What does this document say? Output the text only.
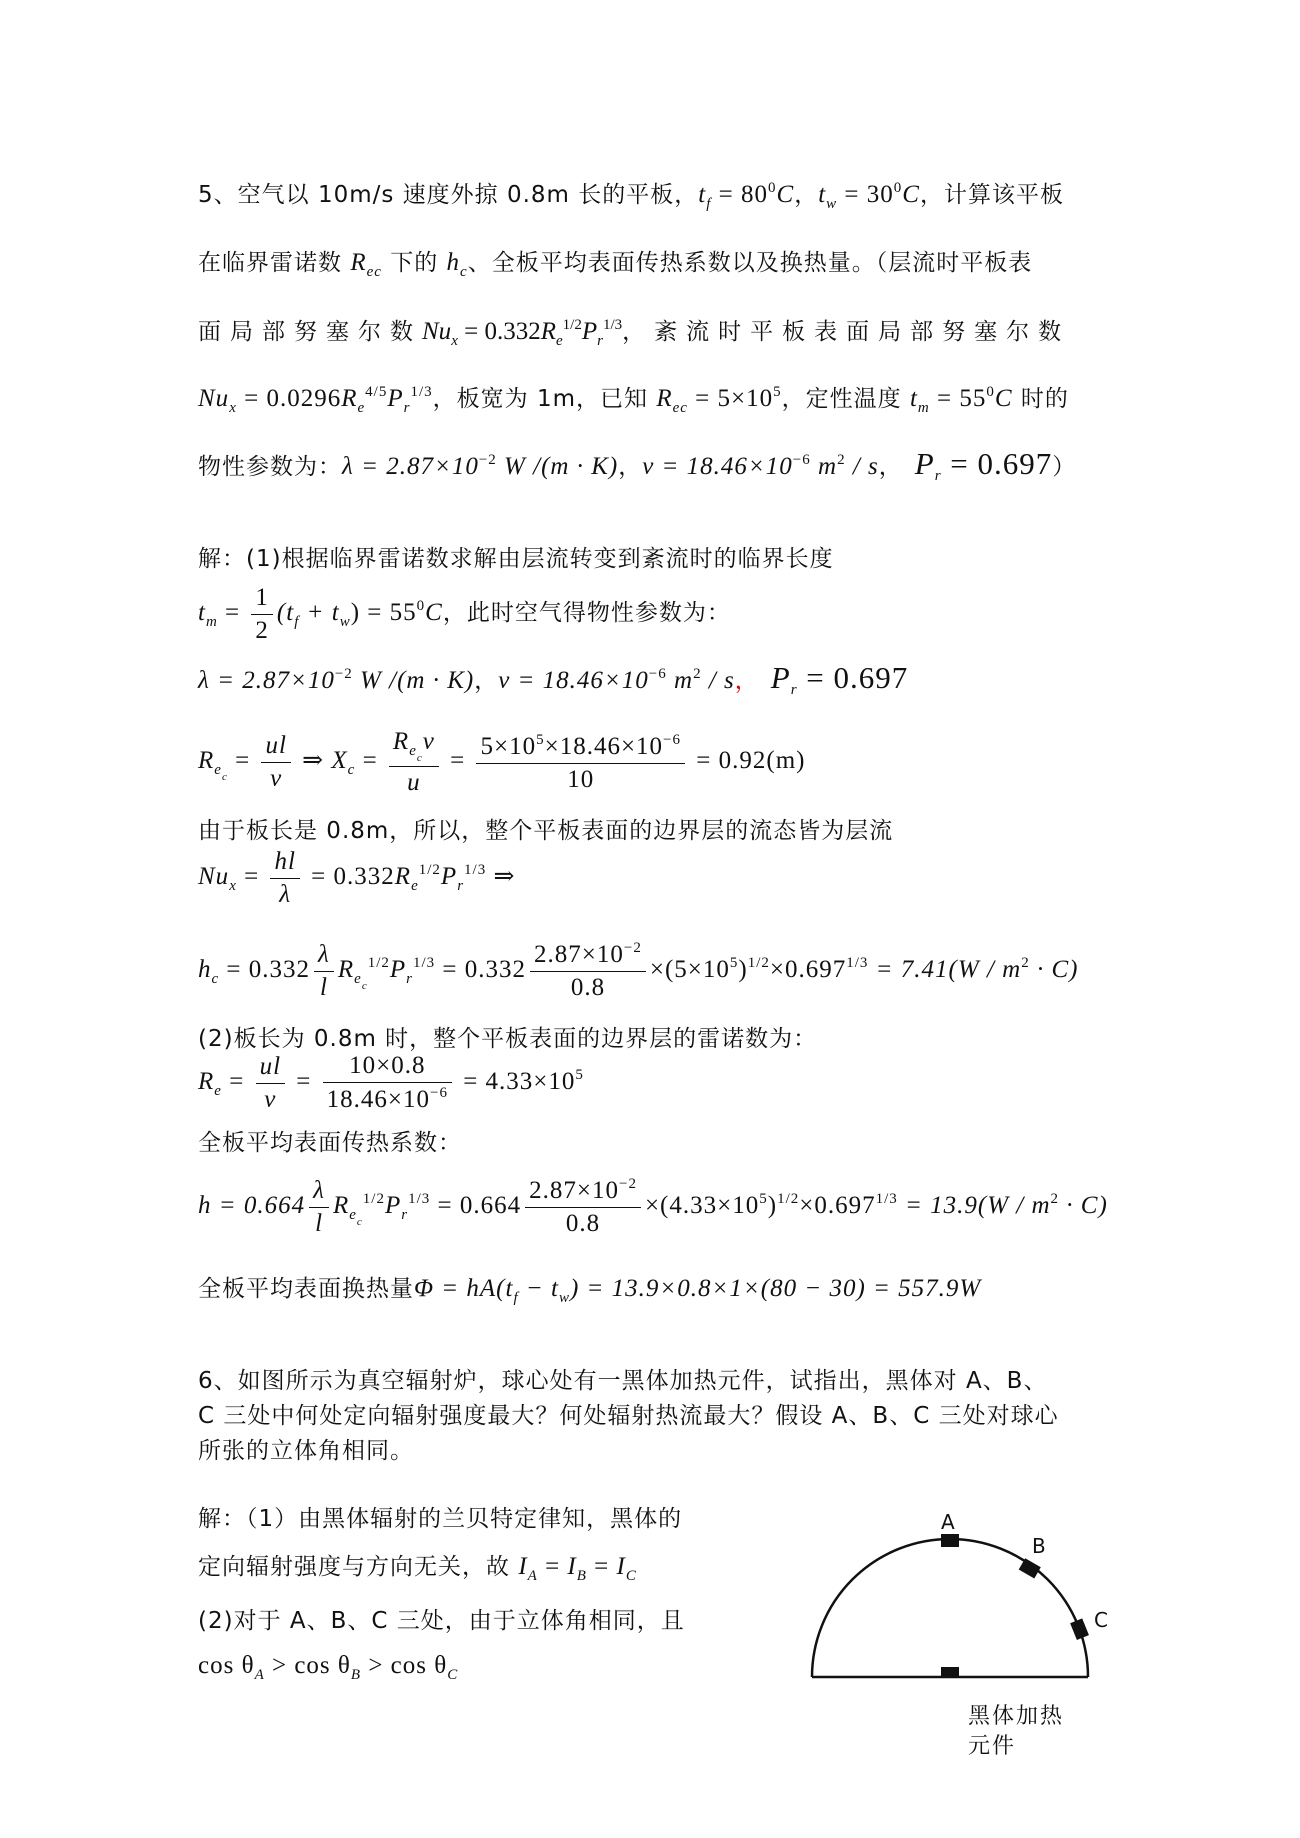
5、空气以 10m/s 速度外掠 0.8m 长的平板，$t_f = 80^0C$，$t_w = 30^0C$，计算该平板
在临界雷诺数 $R_{ec}$ 下的 $h_c$、全板平均表面传热系数以及换热量。（层流时平板表
面局部努塞尔数$Nu_x = 0.332R_e^{1/2}P_r^{1/3}$，紊流时平板表面局部努塞尔数
$Nu_x = 0.0296R_e^{4/5}P_r^{1/3}$，板宽为 1m，已知 $R_{ec} = 5\times 10^5$，定性温度 $t_m = 55^0C$ 时的
物性参数为：$\lambda = 2.87\times 10^{-2}$ W /(m · K)，$\nu = 18.46\times 10^{-6}$ $m^2$ / s， $P_r = 0.697$）
解：(1)根据临界雷诺数求解由层流转变到紊流时的临界长度
$t_m = \frac{1}{2} (t_f + t_w) = 55^0C$，此时空气得物性参数为：
$\lambda = 2.87\times 10^{-2}$ W /(m · K)，$\nu = 18.46\times 10^{-6}$ $m^2$ / s， $P_r = 0.697$
$R_{e_c} = \frac{ul}{\nu}$ ⇒ $X_c = \frac{R_{e_c}\nu}{u} = \frac{5\times 10^5\times 18.46\times 10^{-6}}{10} = 0.92(m)$
由于板长是 0.8m，所以，整个平板表面的边界层的流态皆为层流
$Nu_x = \frac{hl}{\lambda} = 0.332R_e^{1/2}P_r^{1/3}$ ⇒
$h_c = 0.332 \frac{\lambda}{l} R_{e_c}^{1/2}P_r^{1/3} = 0.332 \frac{2.87\times 10^{-2}}{0.8} \times(5\times 10^5)^{1/2}\times 0.697^{1/3} = 7.41(W / m^2 \cdot C)$
(2)板长为 0.8m 时，整个平板表面的边界层的雷诺数为：
$R_e = \frac{ul}{\nu} = \frac{10\times 0.8}{18.46\times 10^{-6}} = 4.33\times 10^5$
全板平均表面传热系数：
$h = 0.664 \frac{\lambda}{l} R_{e_c}^{1/2}P_r^{1/3} = 0.664 \frac{2.87\times 10^{-2}}{0.8} \times(4.33\times 10^5)^{1/2}\times 0.697^{1/3} = 13.9(W / m^2 \cdot C)$
全板平均表面换热量$\Phi = hA(t_f - t_w) = 13.9\times 0.8\times 1\times(80 - 30) = 557.9W$
6、如图所示为真空辐射炉，球心处有一黑体加热元件，试指出，黑体对 A、B、
C 三处中何处定向辐射强度最大？何处辐射热流最大？假设 A、B、C 三处对球心
所张的立体角相同。
解：（1）由黑体辐射的兰贝特定律知，黑体的
定向辐射强度与方向无关，故 $I_A = I_B = I_C$
(2)对于 A、B、C 三处，由于立体角相同，且
$\cos \theta_A > \cos \theta_B > \cos \theta_C$
A
B
C
黑体加热
元件
